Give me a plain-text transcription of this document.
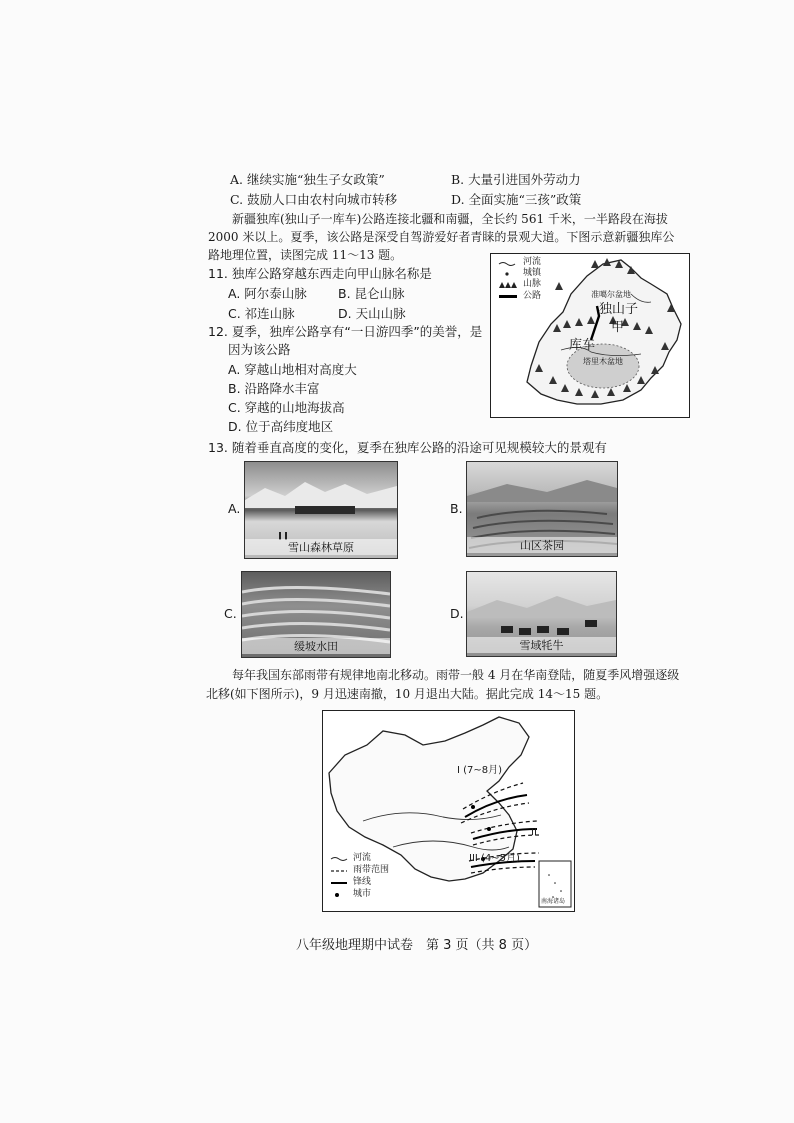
A. 继续实施“独生子女政策”	B. 大量引进国外劳动力
C. 鼓励人口由农村向城市转移	D. 全面实施“三孩”政策
新疆独库(独山子一库车)公路连接北疆和南疆，全长约 561 千米，一半路段在海拔
2000 米以上。夏季，该公路是深受自驾游爱好者青睐的景观大道。下图示意新疆独库公
路地理位置，读图完成 11～13 题。
11. 独库公路穿越东西走向甲山脉名称是
A. 阿尔泰山脉 B. 昆仑山脉
C. 祁连山脉	D. 天山山脉
12. 夏季，独库公路享有“一日游四季”的美誉，是
因为该公路
A. 穿越山地相对高度大
B. 沿路降水丰富
C. 穿越的山地海拔高
D. 位于高纬度地区
河流
城镇
山脉
公路	准噶尔盆地
独山子
甲
库车
塔里木盆地
13. 随着垂直高度的变化，夏季在独库公路的沿途可见规模较大的景观有
A.
雪山森林草原
B.
山区茶园
C.
缓坡水田
D.
雪域牦牛
每年我国东部雨带有规律地南北移动。雨带一般 4 月在华南登陆，随夏季风增强逐级
北移(如下图所示)，9 月迅速南撤，10 月退出大陆。据此完成 14～15 题。
I (7~8月)
II
III (4~5月)
河流
雨带范围
锋线
城市
南海诸岛
八年级地理期中试卷　第 3 页（共 8 页）
